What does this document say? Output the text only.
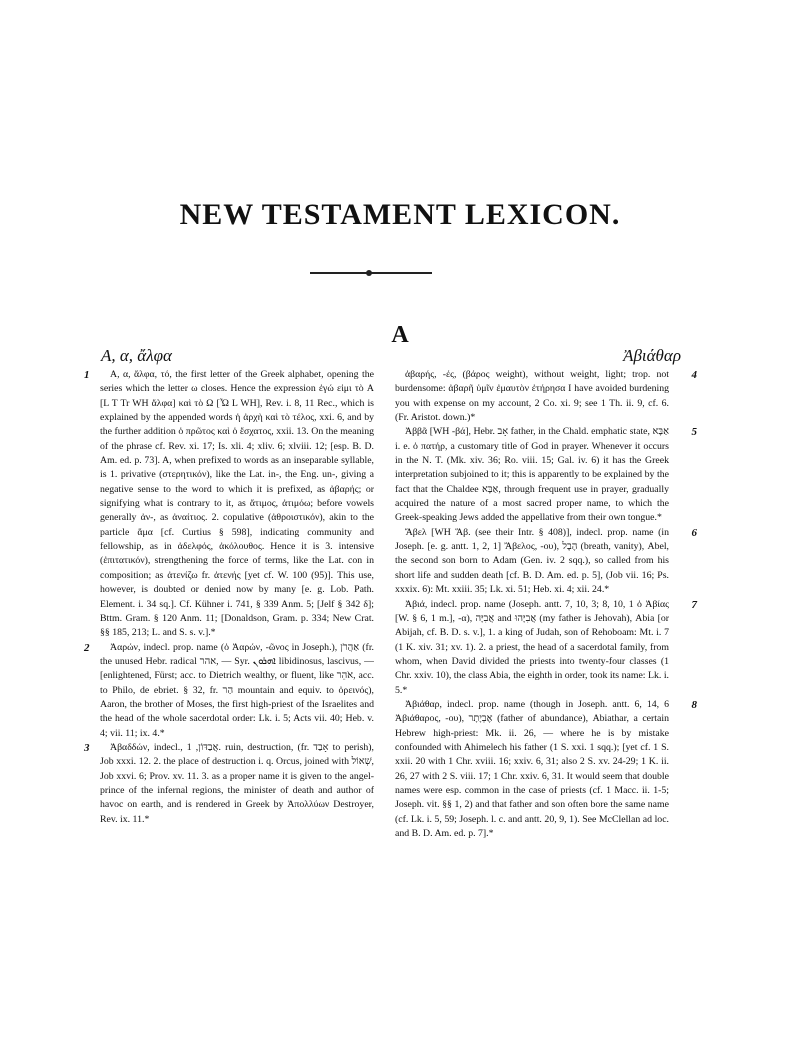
NEW TESTAMENT LEXICON.
A
A, α, ἄλφα	Ἀβιάθαρ
1	A, α, ἄλφα, τό, the first letter of the Greek alphabet, opening the series which the letter ω closes. Hence the expression ἐγώ εἰμι τὸ A [L T Tr WH ἄλφα] καὶ τὸ Ω [Ὦ L WH], Rev. i. 8, 11 Rec., which is explained by the appended words ἡ ἀρχὴ καὶ τὸ τέλος, xxi. 6, and by the further addition ὁ πρῶτος καὶ ὁ ἔσχατος, xxii. 13. On the meaning of the phrase cf. Rev. xi. 17; Is. xli. 4; xliv. 6; xlviii. 12; [esp. B. D. Am. ed. p. 73]. A, when prefixed to words as an inseparable syllable, is 1. privative (στερητικόν), like the Lat. in-, the Eng. un-, giving a negative sense to the word to which it is prefixed, as ἀβαρής; or signifying what is contrary to it, as ἄτιμος, ἀτιμόω; before vowels generally ἀν-, as ἀναίτιος. 2. copulative (ἀθροιστικόν), akin to the particle ἅμα [cf. Curtius § 598], indicating community and fellowship, as in ἀδελφός, ἀκόλουθος. Hence it is 3. intensive (ἐπιτατικόν), strengthening the force of terms, like the Lat. con in composition; as ἀτενίζω fr. ἀτενής [yet cf. W. 100 (95)]. This use, however, is doubted or denied now by many [e. g. Lob. Path. Element. i. 34 sq.]. Cf. Kühner i. 741, § 339 Anm. 5; [Jelf § 342 δ]; Bttm. Gram. § 120 Anm. 11; [Donaldson, Gram. p. 334; New Crat. §§ 185, 213; L. and S. s. v.].*

2	Ἀαρών, indecl. prop. name (ὁ Ἀαρών, -ῶνος in Joseph.), אַהֲרֹן (fr. the unused Hebr. radical אהר, — Syr. ܐܗܪܘܢ libidinosus, lascivus, — [enlightened, Fürst; acc. to Dietrich wealthy, or fluent, like אֹהֵר, acc. to Philo, de ebriet. § 32, fr. הַר mountain and equiv. to ὀρεινός), Aaron, the brother of Moses, the first high-priest of the Israelites and the head of the whole sacerdotal order: Lk. i. 5; Acts vii. 40; Heb. v. 4; vii. 11; ix. 4.*

3	Ἀβαδδών, indecl., אֲבַדּוֹן, 1. ruin, destruction, (fr. אָבַד to perish), Job xxxi. 12. 2. the place of destruction i. q. Orcus, joined with שְׁאוֹל, Job xxvi. 6; Prov. xv. 11. 3. as a proper name it is given to the angel-prince of the infernal regions, the minister of death and author of havoc on earth, and is rendered in Greek by Ἀπολλύων Destroyer, Rev. ix. 11.*

4

ἀβαρής, -ές, (βάρος weight), without weight, light; trop. not burdensome: ἀβαρῆ ὑμῖν ἐμαυτὸν ἐτήρησα I have avoided burdening you with expense on my account, 2 Co. xi. 9; see 1 Th. ii. 9, cf. 6. (Fr. Aristot. down.)*

5

Ἀββᾶ [WH -βά], Hebr. אָב father, in the Chald. emphatic state, אַבָּא i. e. ὁ πατήρ, a customary title of God in prayer. Whenever it occurs in the N. T. (Mk. xiv. 36; Ro. viii. 15; Gal. iv. 6) it has the Greek interpretation subjoined to it; this is apparently to be explained by the fact that the Chaldee אַבָּא, through frequent use in prayer, gradually acquired the nature of a most sacred proper name, to which the Greek-speaking Jews added the appellative from their own tongue.*

6

Ἄβελ [WH Ἅβ. (see their Intr. § 408)], indecl. prop. name (in Joseph. [e. g. antt. 1, 2, 1] Ἄβελος, -ου), הֶבֶל (breath, vanity), Abel, the second son born to Adam (Gen. iv. 2 sqq.), so called from his short life and sudden death [cf. B. D. Am. ed. p. 5], (Job vii. 16; Ps. xxxix. 6): Mt. xxiii. 35; Lk. xi. 51; Heb. xi. 4; xii. 24.*

7

Ἀβιά, indecl. prop. name (Joseph. antt. 7, 10, 3; 8, 10, 1 ὁ Ἀβίας [W. § 6, 1 m.], -α), אֲבִיָּה and אֲבִיָּהוּ (my father is Jehovah), Abia [or Abijah, cf. B. D. s. v.], 1. a king of Judah, son of Rehoboam: Mt. i. 7 (1 K. xiv. 31; xv. 1). 2. a priest, the head of a sacerdotal family, from whom, when David divided the priests into twenty-four classes (1 Chr. xxiv. 10), the class Abia, the eighth in order, took its name: Lk. i. 5.*

8

Ἀβιάθαρ, indecl. prop. name (though in Joseph. antt. 6, 14, 6 Ἀβιάθαρος, -ου), אֶבְיָתָר (father of abundance), Abiathar, a certain Hebrew high-priest: Mk. ii. 26, — where he is by mistake confounded with Ahimelech his father (1 S. xxi. 1 sqq.); [yet cf. 1 S. xxii. 20 with 1 Chr. xviii. 16; xxiv. 6, 31; also 2 S. xv. 24-29; 1 K. ii. 26, 27 with 2 S. viii. 17; 1 Chr. xxiv. 6, 31. It would seem that double names were esp. common in the case of priests (cf. 1 Macc. ii. 1-5; Joseph. vit. §§ 1, 2) and that father and son often bore the same name (cf. Lk. i. 5, 59; Joseph. l. c. and antt. 20, 9, 1). See McClellan ad loc. and B. D. Am. ed. p. 7].*
